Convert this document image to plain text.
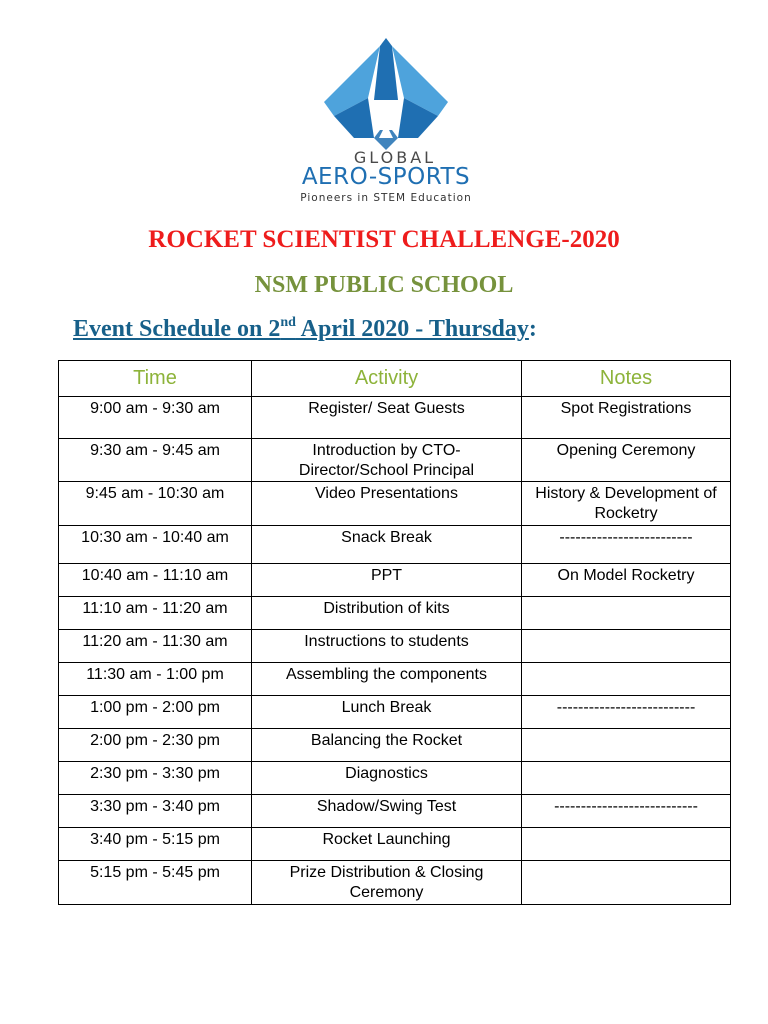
GLOBAL
AERO-SPORTS
Pioneers in STEM Education
ROCKET SCIENTIST CHALLENGE-2020
NSM PUBLIC SCHOOL
Event Schedule on 2nd April 2020 - Thursday:
Time	Activity	Notes
9:00 am - 9:30 am	Register/ Seat Guests	Spot Registrations
9:30 am - 9:45 am	Introduction by CTO-Director/School Principal	Opening Ceremony
9:45 am - 10:30 am	Video Presentations	History & Development of Rocketry
10:30 am - 10:40 am	Snack Break	-------------------------
10:40 am - 11:10 am	PPT	On Model Rocketry
11:10 am - 11:20 am	Distribution of kits	
11:20 am - 11:30 am	Instructions to students	
11:30 am - 1:00 pm	Assembling the components	
1:00 pm - 2:00 pm	Lunch Break	--------------------------
2:00 pm - 2:30 pm	Balancing the Rocket	
2:30 pm - 3:30 pm	Diagnostics	
3:30 pm - 3:40 pm	Shadow/Swing Test	---------------------------
3:40 pm - 5:15 pm	Rocket Launching	
5:15 pm - 5:45 pm	Prize Distribution & Closing Ceremony	
